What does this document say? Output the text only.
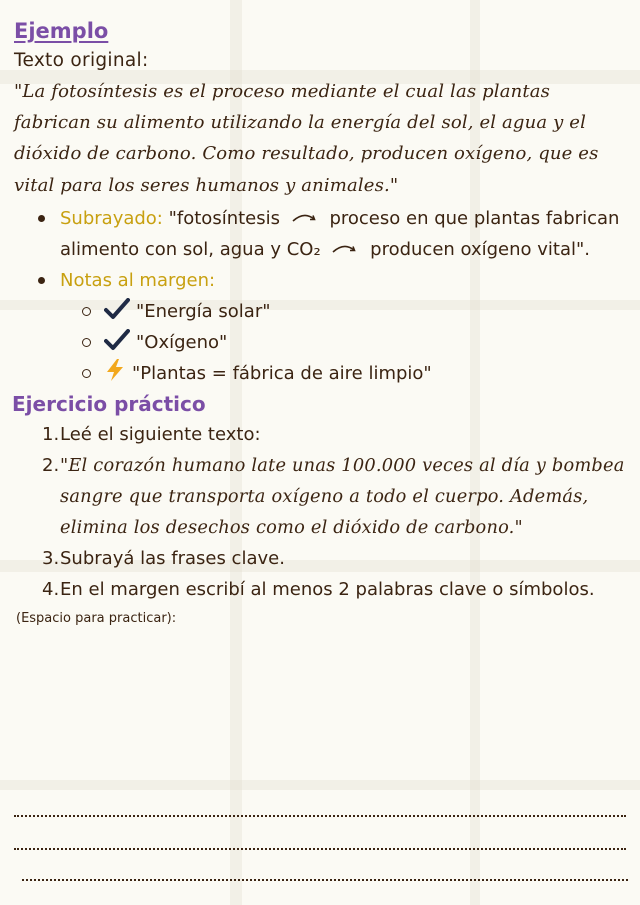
Ejemplo

Texto original:

"La fotosíntesis es el proceso mediante el cual las plantas fabrican su alimento utilizando la energía del sol, el agua y el dióxido de carbono. Como resultado, producen oxígeno, que es vital para los seres humanos y animales."

Subrayado: "fotosíntesis	proceso en que plantas fabrican alimento con sol, agua y CO₂	producen oxígeno vital".
Notas al margen:
"Energía solar"
"Oxígeno"
"Plantas = fábrica de aire limpio"
Ejercicio práctico
1. Leé el siguiente texto:
2. "El corazón humano late unas 100.000 veces al día y bombea sangre que transporta oxígeno a todo el cuerpo. Además, elimina los desechos como el dióxido de carbono."
3. Subrayá las frases clave.
4. En el margen escribí al menos 2 palabras clave o símbolos.

(Espacio para practicar):
